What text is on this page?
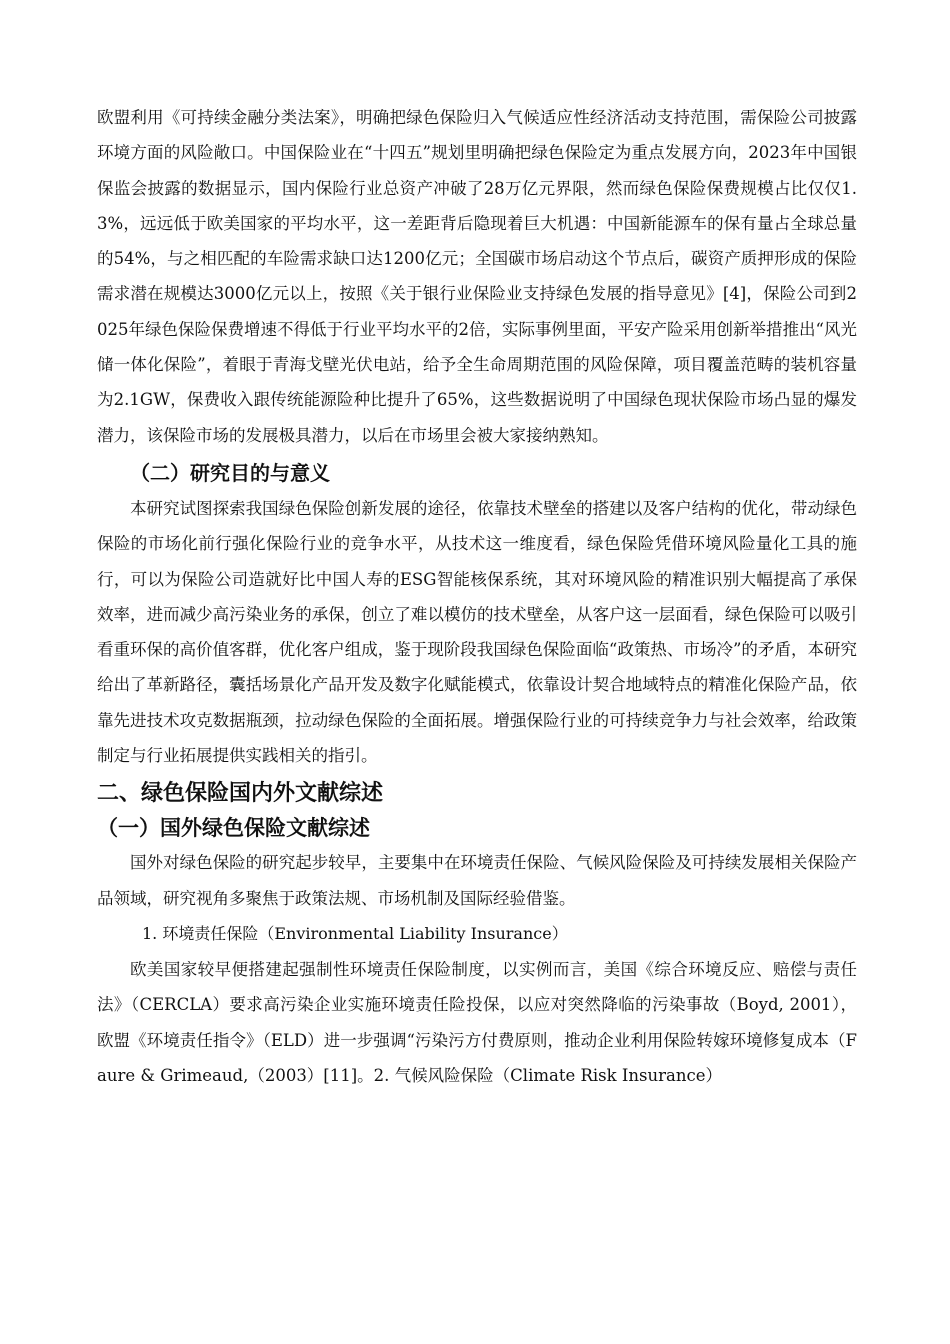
欧盟利用《可持续金融分类法案》，明确把绿色保险归入气候适应性经济活动支持范围，需保险公司披露环境方面的风险敞口。中国保险业在“十四五”规划里明确把绿色保险定为重点发展方向，2023年中国银保监会披露的数据显示，国内保险行业总资产冲破了28万亿元界限，然而绿色保险保费规模占比仅仅1.3%，远远低于欧美国家的平均水平，这一差距背后隐现着巨大机遇：中国新能源车的保有量占全球总量的54%，与之相匹配的车险需求缺口达1200亿元；全国碳市场启动这个节点后，碳资产质押形成的保险需求潜在规模达3000亿元以上，按照《关于银行业保险业支持绿色发展的指导意见》[4]，保险公司到2025年绿色保险保费增速不得低于行业平均水平的2倍，实际事例里面，平安产险采用创新举措推出“风光储一体化保险”，着眼于青海戈壁光伏电站，给予全生命周期范围的风险保障，项目覆盖范畴的装机容量为2.1GW，保费收入跟传统能源险种比提升了65%，这些数据说明了中国绿色现状保险市场凸显的爆发潜力，该保险市场的发展极具潜力，以后在市场里会被大家接纳熟知。

（二）研究目的与意义

本研究试图探索我国绿色保险创新发展的途径，依靠技术壁垒的搭建以及客户结构的优化，带动绿色保险的市场化前行强化保险行业的竞争水平，从技术这一维度看，绿色保险凭借环境风险量化工具的施行，可以为保险公司造就好比中国人寿的ESG智能核保系统，其对环境风险的精准识别大幅提高了承保效率，进而减少高污染业务的承保，创立了难以模仿的技术壁垒，从客户这一层面看，绿色保险可以吸引看重环保的高价值客群，优化客户组成，鉴于现阶段我国绿色保险面临“政策热、市场冷”的矛盾，本研究给出了革新路径，囊括场景化产品开发及数字化赋能模式，依靠设计契合地域特点的精准化保险产品，依靠先进技术攻克数据瓶颈，拉动绿色保险的全面拓展。增强保险行业的可持续竞争力与社会效率，给政策制定与行业拓展提供实践相关的指引。

二、绿色保险国内外文献综述

（一）国外绿色保险文献综述

国外对绿色保险的研究起步较早，主要集中在环境责任保险、气候风险保险及可持续发展相关保险产品领域，研究视角多聚焦于政策法规、市场机制及国际经验借鉴。

1. 环境责任保险（Environmental Liability Insurance）

欧美国家较早便搭建起强制性环境责任保险制度，以实例而言，美国《综合环境反应、赔偿与责任法》（CERCLA）要求高污染企业实施环境责任险投保，以应对突然降临的污染事故（Boyd, 2001），欧盟《环境责任指令》（ELD）进一步强调“污染污方付费原则，推动企业利用保险转嫁环境修复成本（Faure & Grimeaud,（2003）[11]。2. 气候风险保险（Climate Risk Insurance）
